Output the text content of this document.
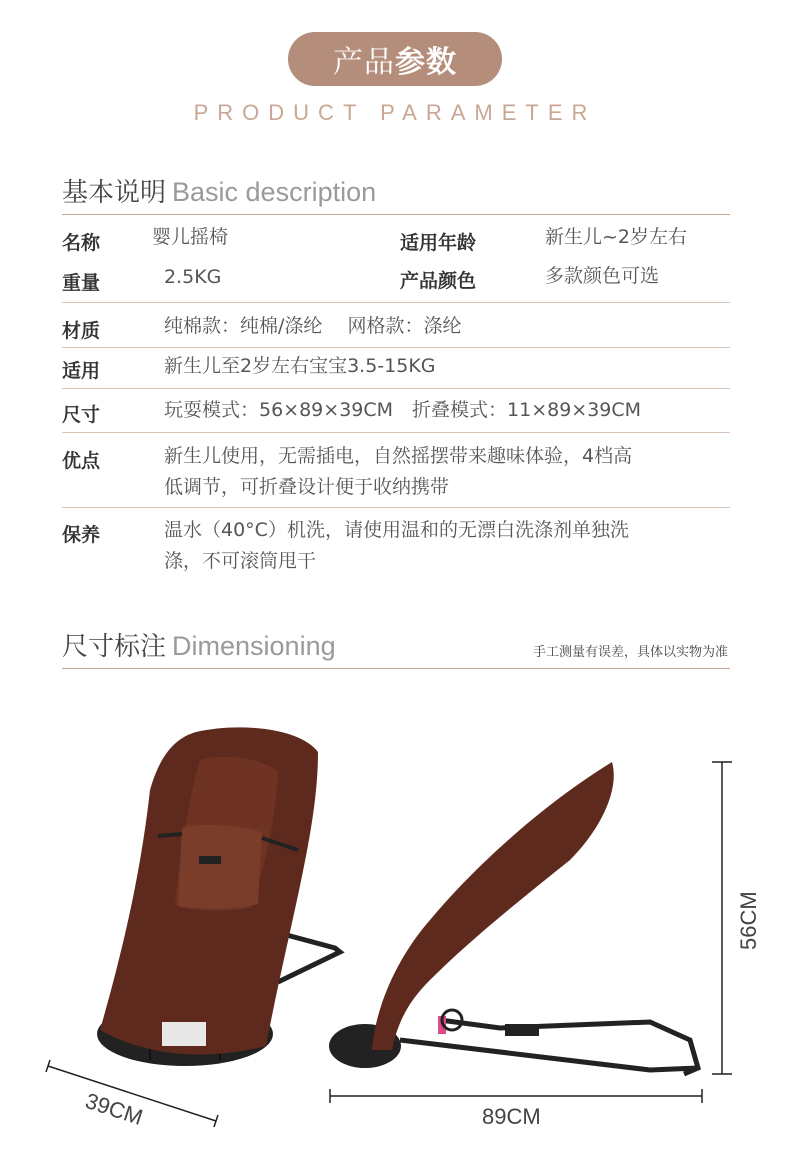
产品 参数
PRODUCT PARAMETER
基本说明 Basic description
名称	婴儿摇椅	适用年龄	新生儿~2岁左右
重量	2.5KG	产品颜色	多款颜色可选
材质	纯棉款：纯棉/涤纶　 网格款：涤纶
适用	新生儿至2岁左右宝宝3.5-15KG
尺寸	玩耍模式：56×89×39CM　折叠模式：11×89×39CM
优点	新生儿使用，无需插电，自然摇摆带来趣味体验，4档高
低调节，可折叠设计便于收纳携带
保养	温水（40°C）机洗，请使用温和的无漂白洗涤剂单独洗
涤，不可滚筒甩干
尺寸标注 Dimensioning	手工测量有误差，具体以实物为准
39CM	89CM
56CM
